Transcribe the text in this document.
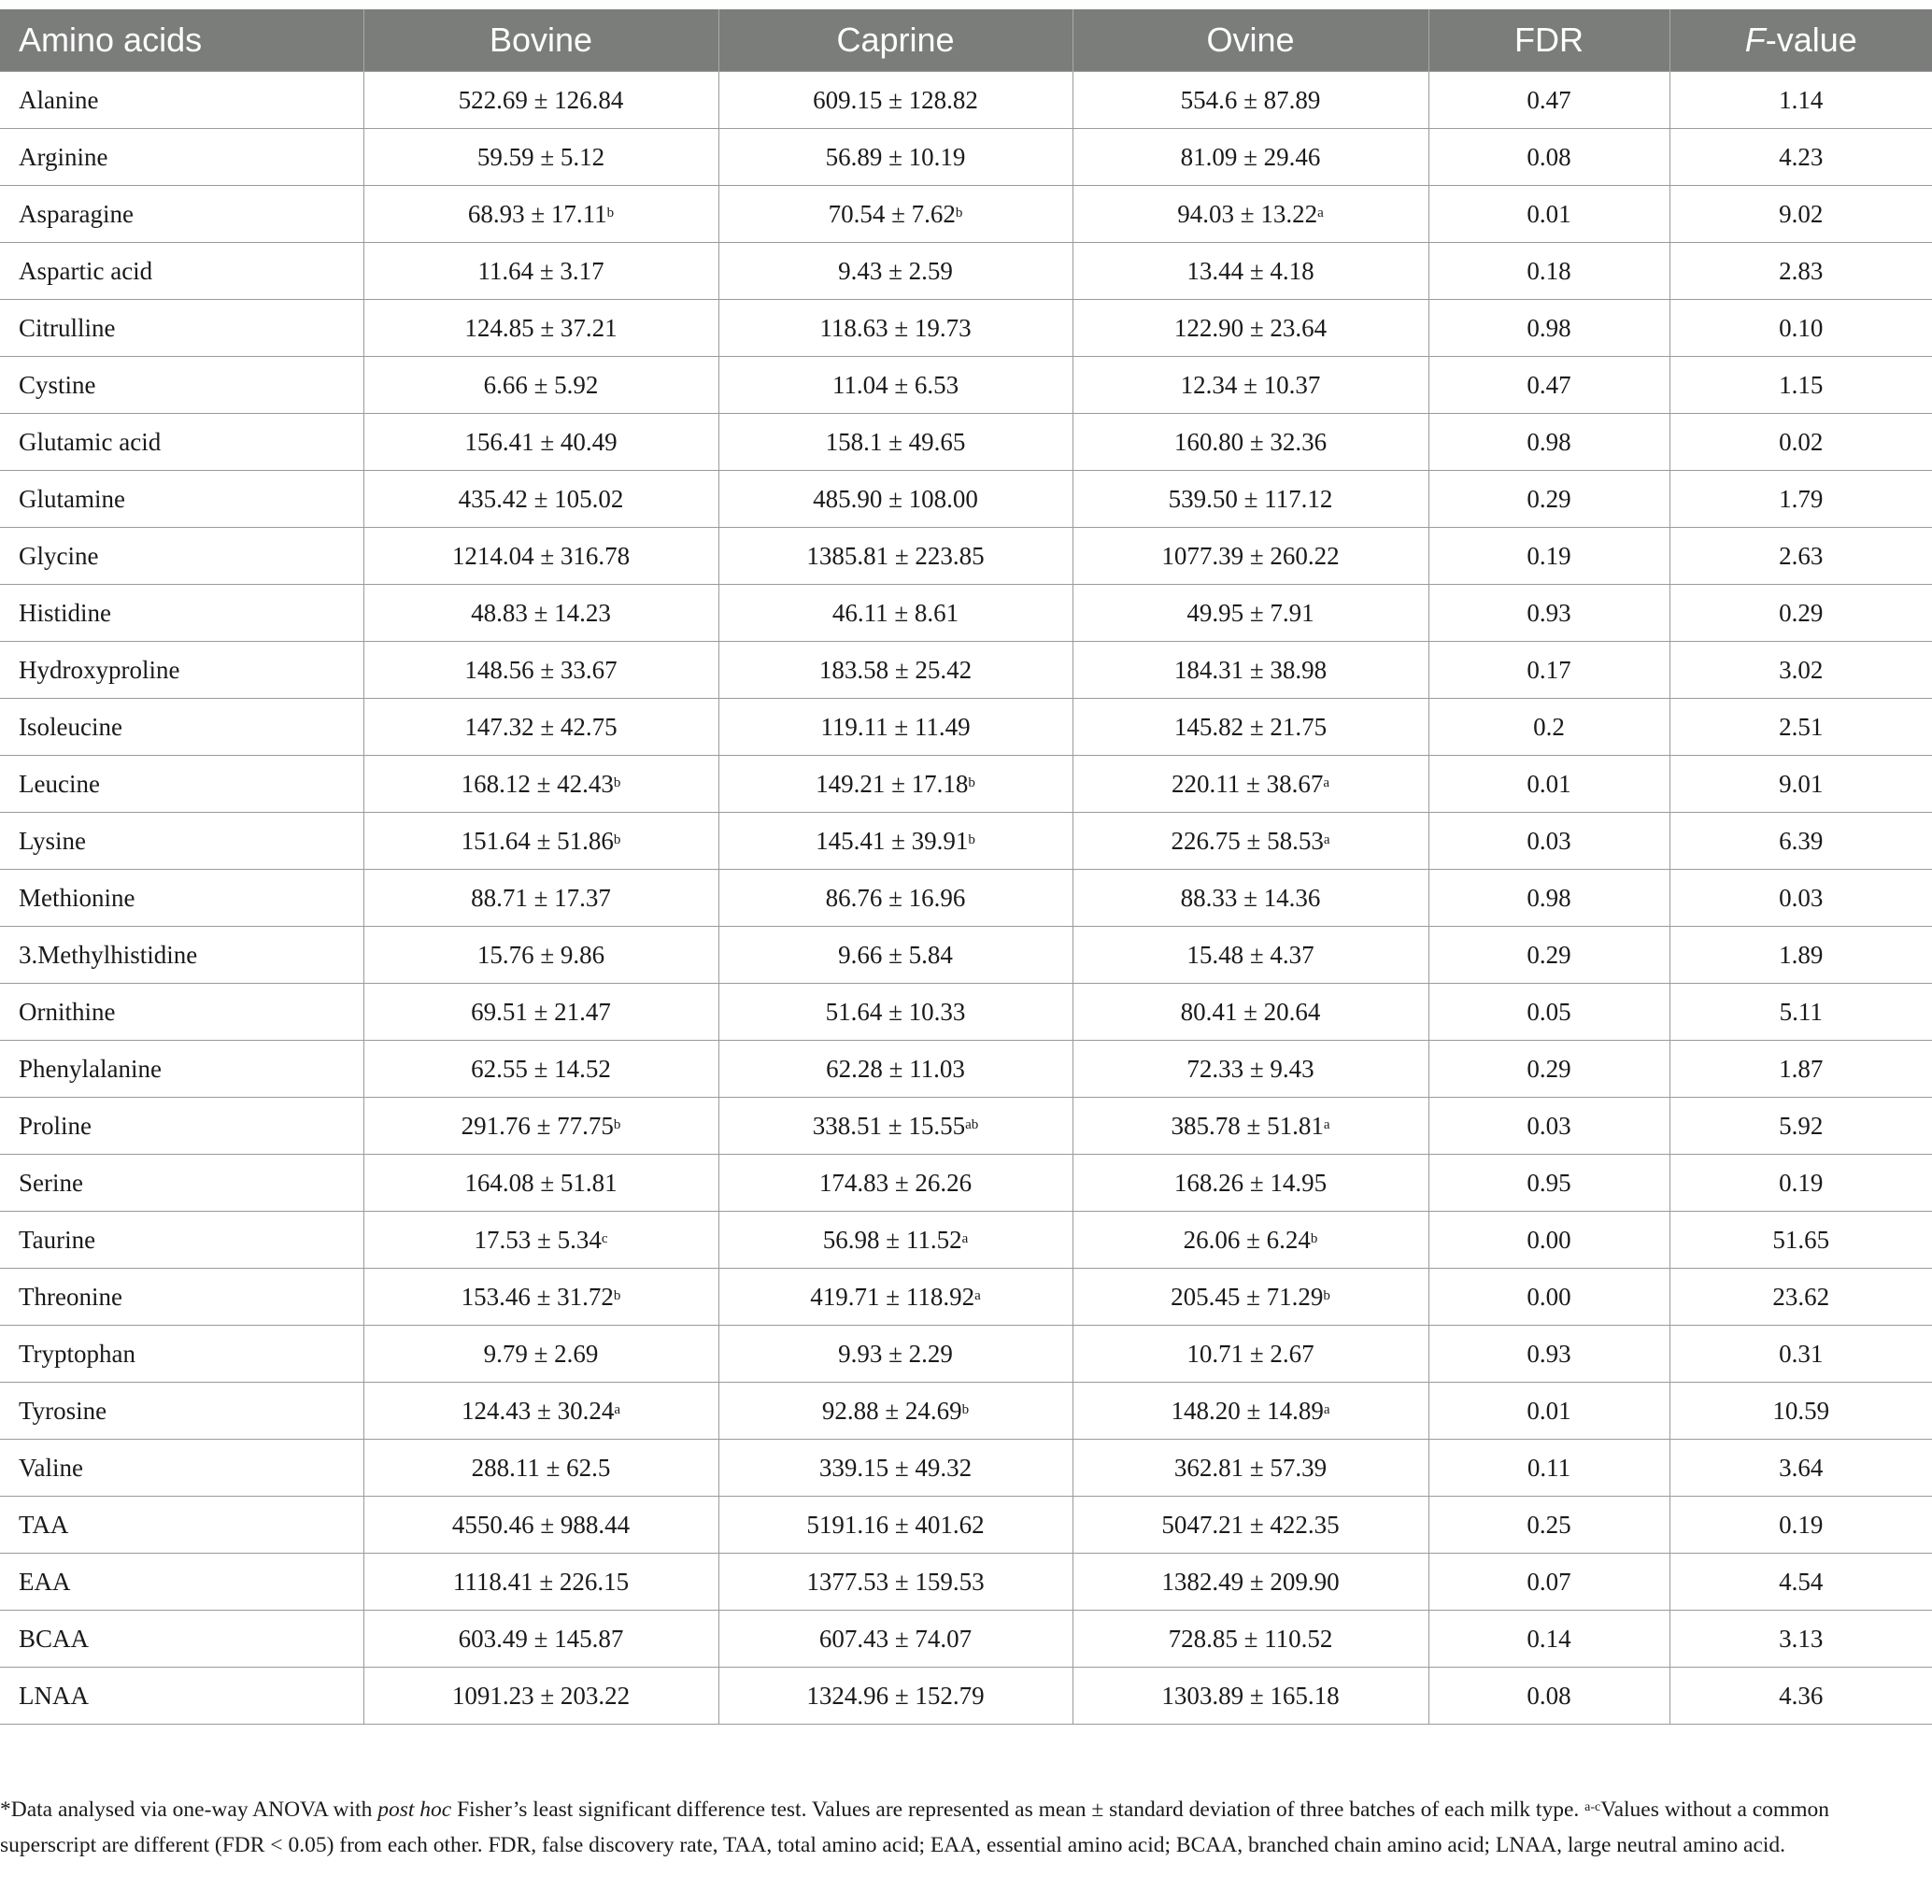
Amino acids	Bovine	Caprine	Ovine	FDR	F-value
Alanine	522.69 ± 126.84	609.15 ± 128.82	554.6 ± 87.89	0.47	1.14
Arginine	59.59 ± 5.12	56.89 ± 10.19	81.09 ± 29.46	0.08	4.23
Asparagine	68.93 ± 17.11$^b$	70.54 ± 7.62$^b$	94.03 ± 13.22$^a$	0.01	9.02
Aspartic acid	11.64 ± 3.17	9.43 ± 2.59	13.44 ± 4.18	0.18	2.83
Citrulline	124.85 ± 37.21	118.63 ± 19.73	122.90 ± 23.64	0.98	0.10
Cystine	6.66 ± 5.92	11.04 ± 6.53	12.34 ± 10.37	0.47	1.15
Glutamic acid	156.41 ± 40.49	158.1 ± 49.65	160.80 ± 32.36	0.98	0.02
Glutamine	435.42 ± 105.02	485.90 ± 108.00	539.50 ± 117.12	0.29	1.79
Glycine	1214.04 ± 316.78	1385.81 ± 223.85	1077.39 ± 260.22	0.19	2.63
Histidine	48.83 ± 14.23	46.11 ± 8.61	49.95 ± 7.91	0.93	0.29
Hydroxyproline	148.56 ± 33.67	183.58 ± 25.42	184.31 ± 38.98	0.17	3.02
Isoleucine	147.32 ± 42.75	119.11 ± 11.49	145.82 ± 21.75	0.2	2.51
Leucine	168.12 ± 42.43$^b$	149.21 ± 17.18$^b$	220.11 ± 38.67$^a$	0.01	9.01
Lysine	151.64 ± 51.86$^b$	145.41 ± 39.91$^b$	226.75 ± 58.53$^a$	0.03	6.39
Methionine	88.71 ± 17.37	86.76 ± 16.96	88.33 ± 14.36	0.98	0.03
3.Methylhistidine	15.76 ± 9.86	9.66 ± 5.84	15.48 ± 4.37	0.29	1.89
Ornithine	69.51 ± 21.47	51.64 ± 10.33	80.41 ± 20.64	0.05	5.11
Phenylalanine	62.55 ± 14.52	62.28 ± 11.03	72.33 ± 9.43	0.29	1.87
Proline	291.76 ± 77.75$^b$	338.51 ± 15.55$^{ab}$	385.78 ± 51.81$^a$	0.03	5.92
Serine	164.08 ± 51.81	174.83 ± 26.26	168.26 ± 14.95	0.95	0.19
Taurine	17.53 ± 5.34$^c$	56.98 ± 11.52$^a$	26.06 ± 6.24$^b$	0.00	51.65
Threonine	153.46 ± 31.72$^b$	419.71 ± 118.92$^a$	205.45 ± 71.29$^b$	0.00	23.62
Tryptophan	9.79 ± 2.69	9.93 ± 2.29	10.71 ± 2.67	0.93	0.31
Tyrosine	124.43 ± 30.24$^a$	92.88 ± 24.69$^b$	148.20 ± 14.89$^a$	0.01	10.59
Valine	288.11 ± 62.5	339.15 ± 49.32	362.81 ± 57.39	0.11	3.64
TAA	4550.46 ± 988.44	5191.16 ± 401.62	5047.21 ± 422.35	0.25	0.19
EAA	1118.41 ± 226.15	1377.53 ± 159.53	1382.49 ± 209.90	0.07	4.54
BCAA	603.49 ± 145.87	607.43 ± 74.07	728.85 ± 110.52	0.14	3.13
LNAA	1091.23 ± 203.22	1324.96 ± 152.79	1303.89 ± 165.18	0.08	4.36
*Data analysed via one-way ANOVA with post hoc Fisher’s least significant difference test. Values are represented as mean ± standard deviation of three batches of each milk type. $^{a-c}$Values without a common superscript are different (FDR < 0.05) from each other. FDR, false discovery rate, TAA, total amino acid; EAA, essential amino acid; BCAA, branched chain amino acid; LNAA, large neutral amino acid.
